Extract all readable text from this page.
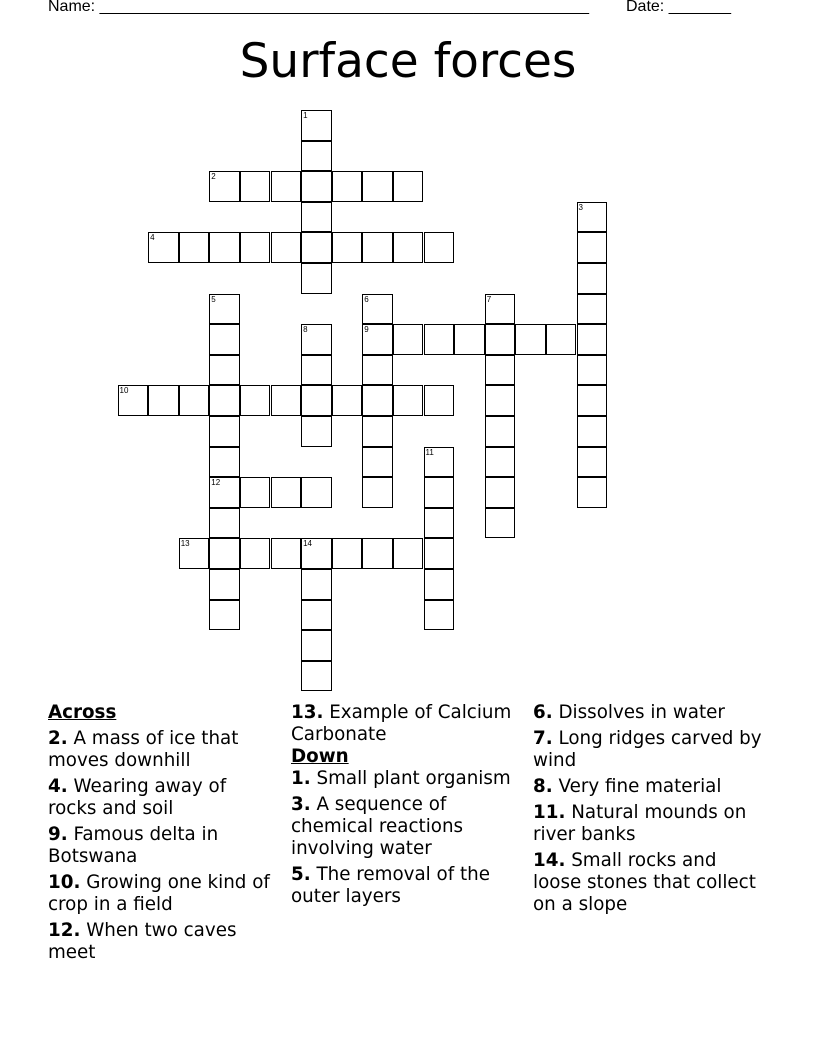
Name: _______________________________________________________ Date: _______
Surface forces
1
2
3
4
5
12
6
9
7
8
10
11
13	14
Across
2. A mass of ice that moves downhill
4. Wearing away of rocks and soil
9. Famous delta in Botswana
10. Growing one kind of crop in a field
12. When two caves meet
13. Example of Calcium Carbonate
Down
1. Small plant organism
3. A sequence of chemical reactions involving water
5. The removal of the outer layers
6. Dissolves in water
7. Long ridges carved by wind
8. Very fine material
11. Natural mounds on river banks
14. Small rocks and loose stones that collect on a slope
